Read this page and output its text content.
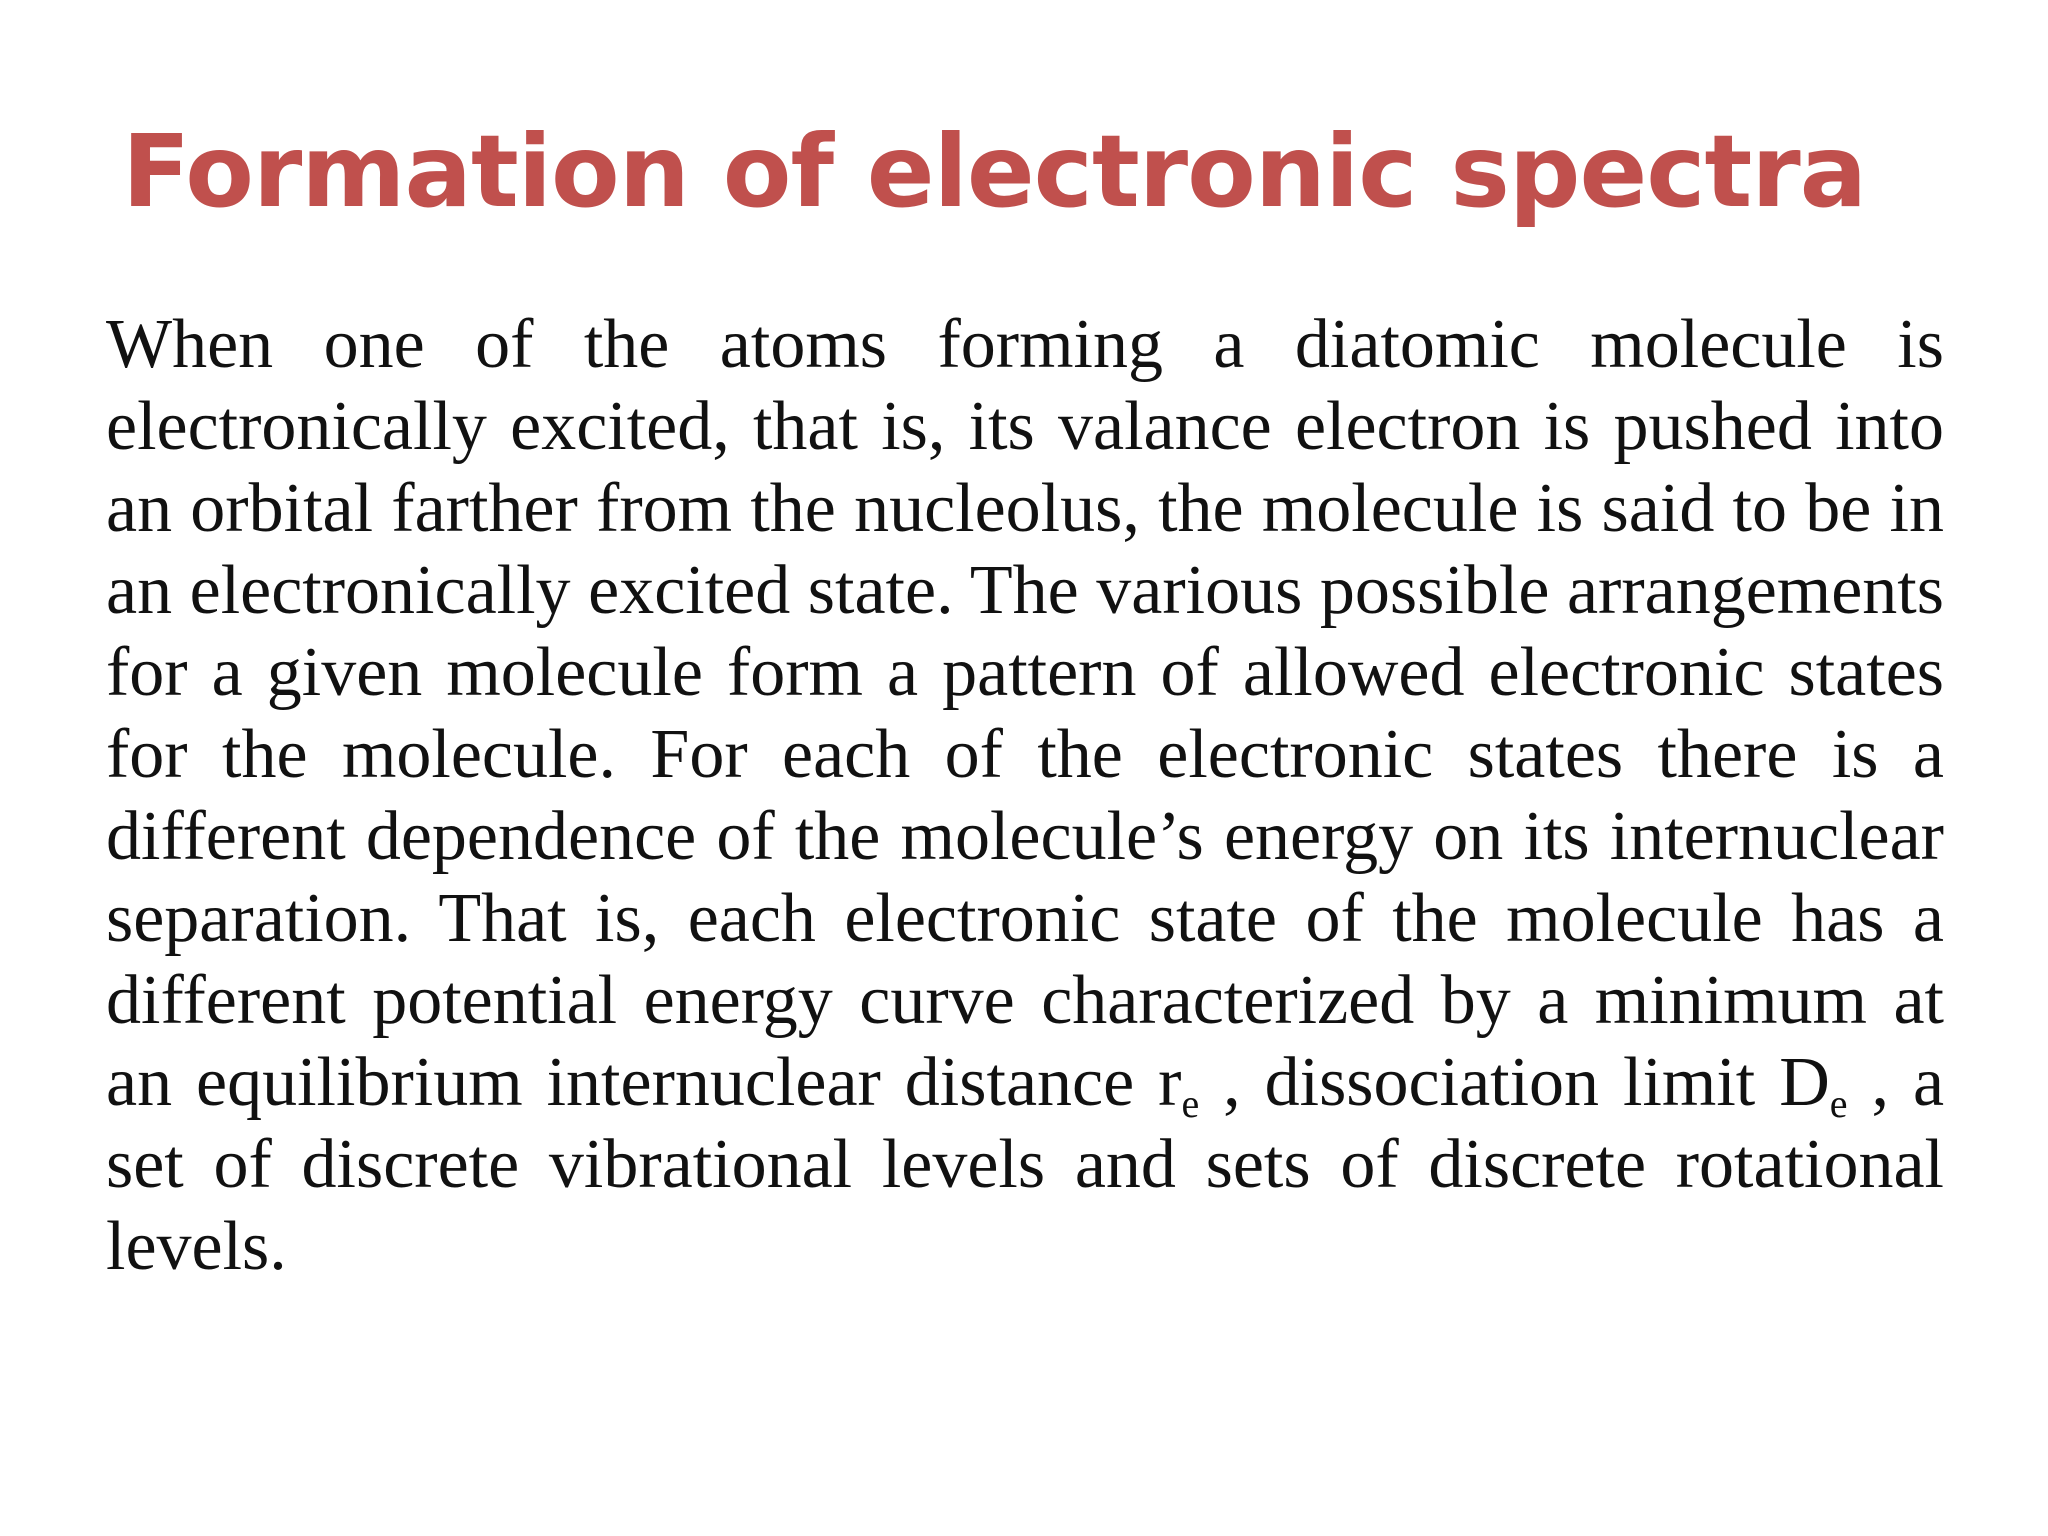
Formation of electronic spectra

When one of the atoms forming a diatomic molecule is electronically excited, that is, its valance electron is pushed into an orbital farther from the nucleolus, the molecule is said to be in an electronically excited state. The various possible arrangements for a given molecule form a pattern of allowed electronic states for the molecule. For each of the electronic states there is a different dependence of the molecule’s energy on its internuclear separation. That is, each electronic state of the molecule has a different potential energy curve characterized by a minimum at an equilibrium internuclear distance $r_e$ , dissociation limit $D_e$ , a set of discrete vibrational levels and sets of discrete rotational levels.
